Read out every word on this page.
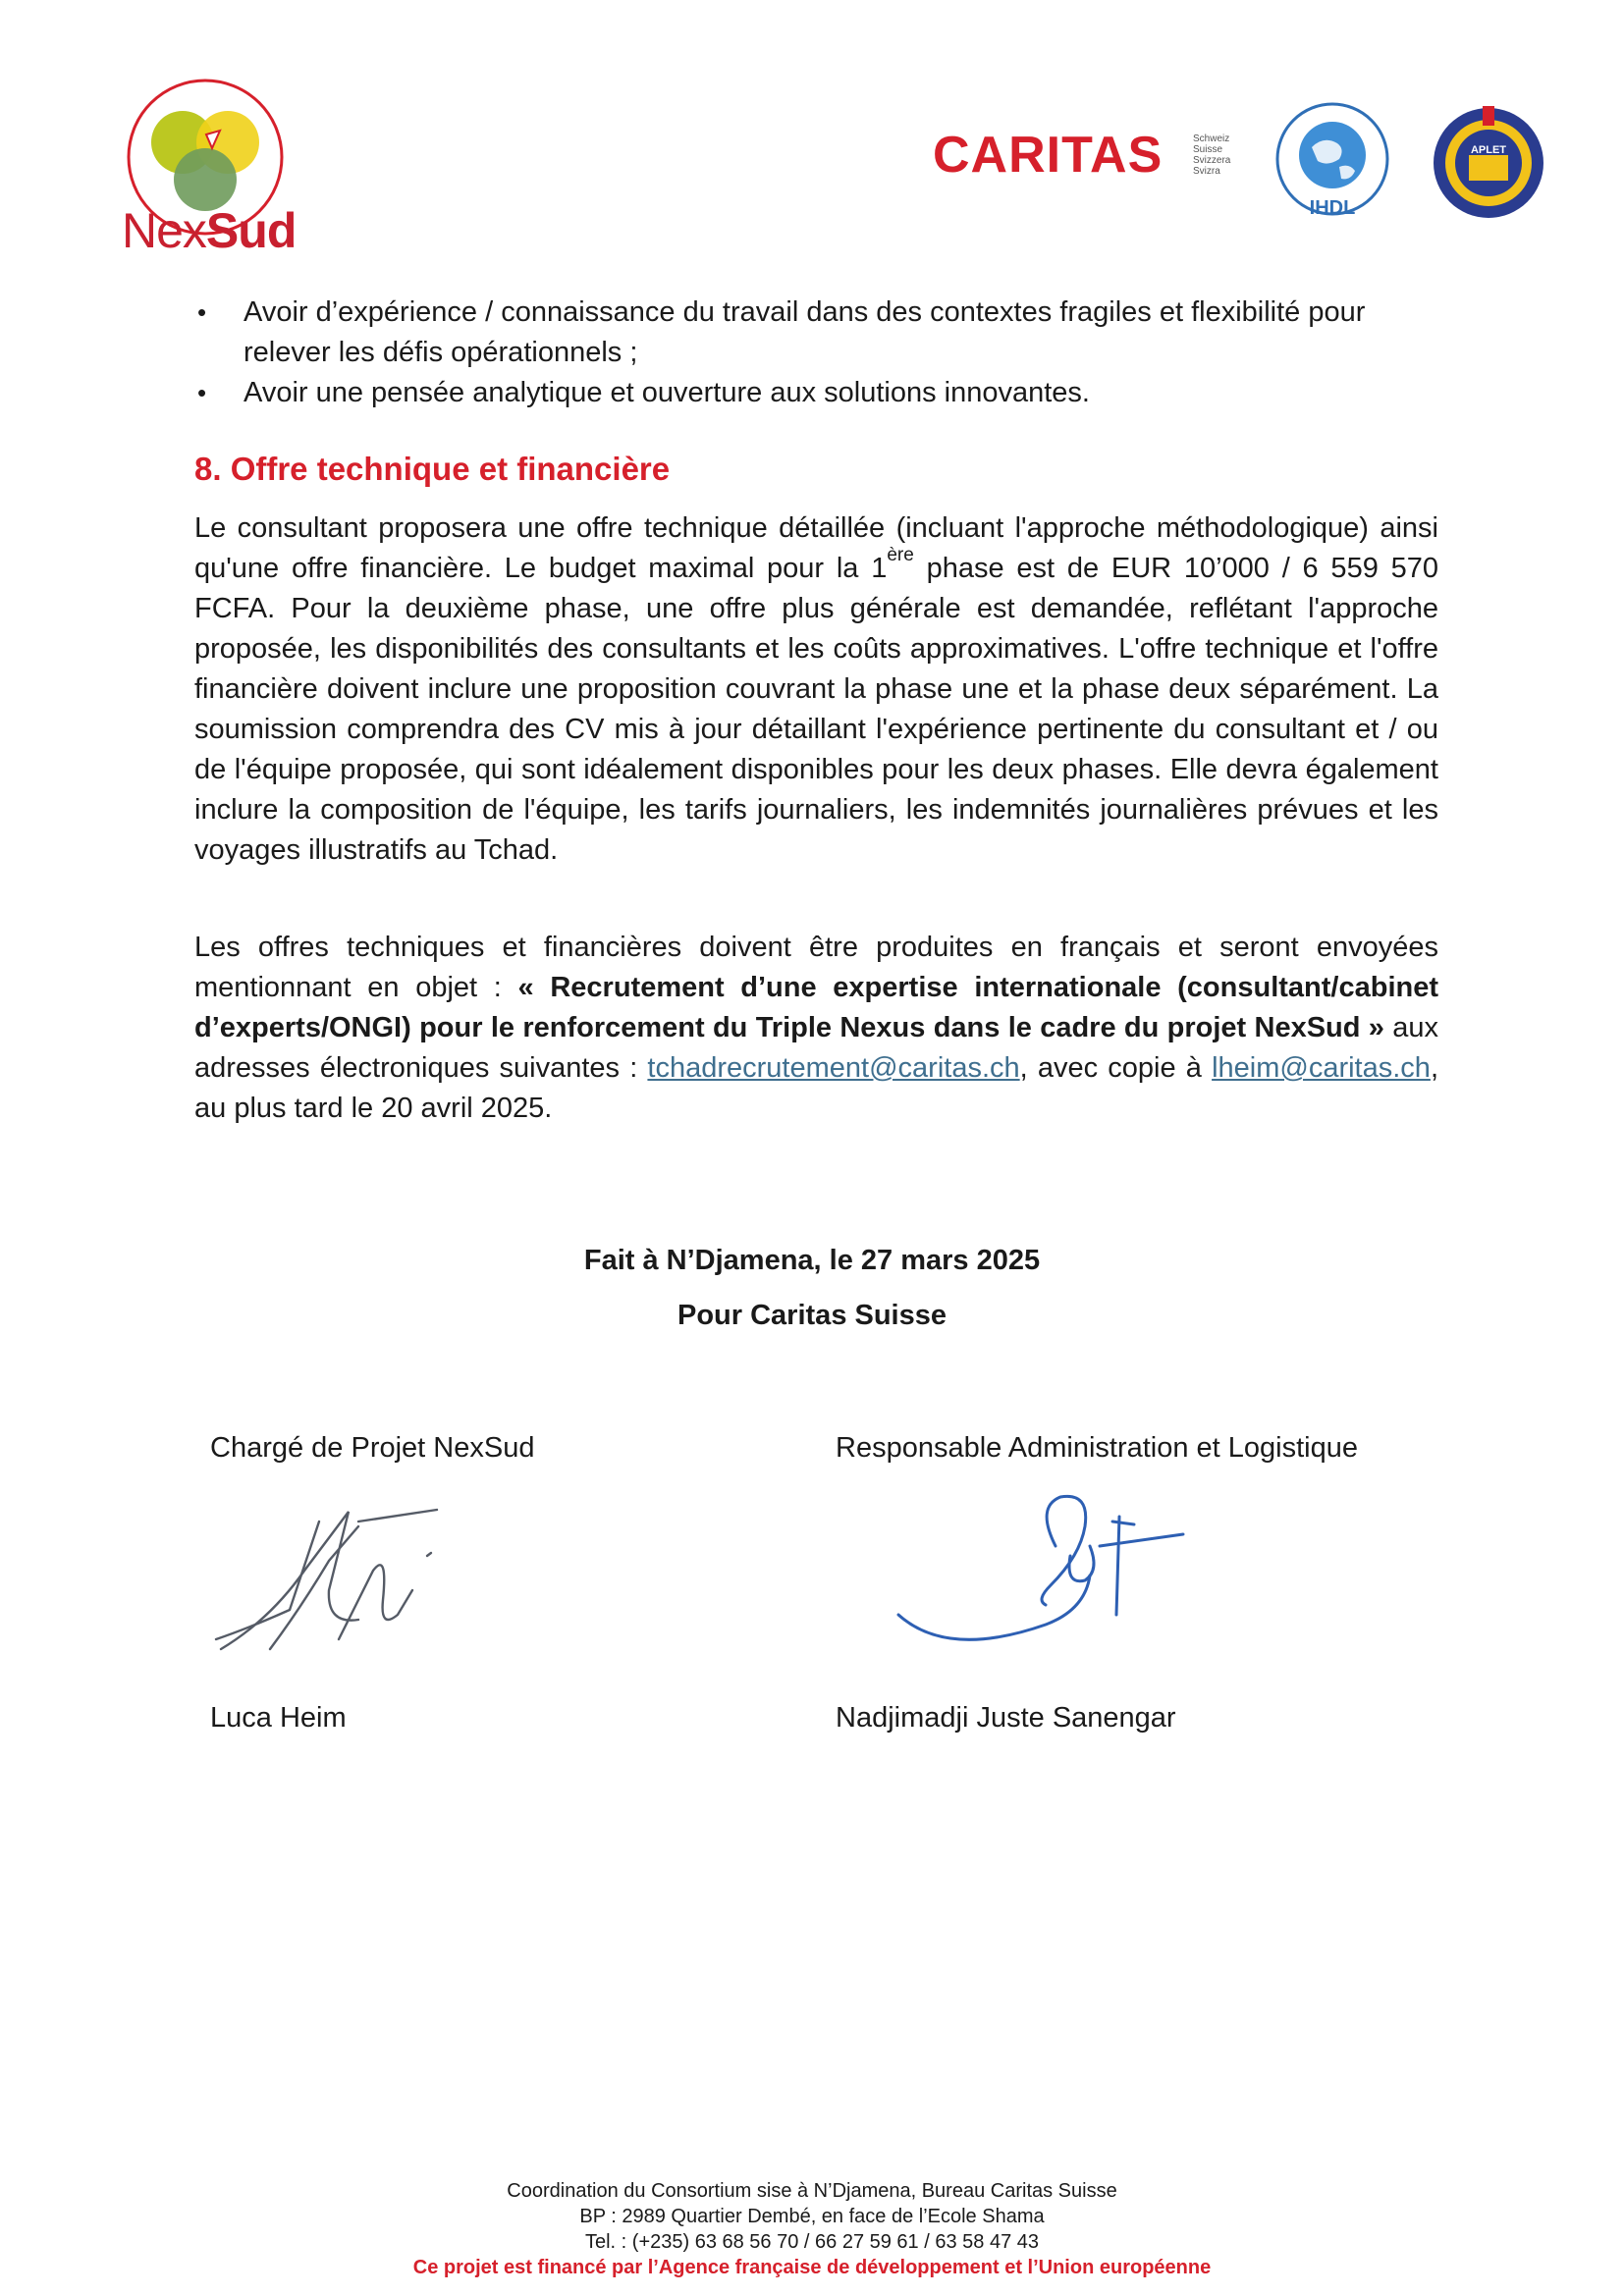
NexSud
CARITAS	Schweiz
Suisse
Svizzera
Svizra
IHDL
APLET
• Avoir d’expérience / connaissance du travail dans des contextes fragiles et flexibilité pour relever les défis opérationnels ;
• Avoir une pensée analytique et ouverture aux solutions innovantes.
8. Offre technique et financière

Le consultant proposera une offre technique détaillée (incluant l'approche méthodologique) ainsi qu'une offre financière. Le budget maximal pour la 1ère phase est de EUR 10’000 / 6 559 570 FCFA. Pour la deuxième phase, une offre plus générale est demandée, reflétant l'approche proposée, les disponibilités des consultants et les coûts approximatives. L'offre technique et l'offre financière doivent inclure une proposition couvrant la phase une et la phase deux séparément. La soumission comprendra des CV mis à jour détaillant l'expérience pertinente du consultant et / ou de l'équipe proposée, qui sont idéalement disponibles pour les deux phases. Elle devra également inclure la composition de l'équipe, les tarifs journaliers, les indemnités journalières prévues et les voyages illustratifs au Tchad.

Les offres techniques et financières doivent être produites en français et seront envoyées mentionnant en objet : « Recrutement d’une expertise internationale (consultant/cabinet d’experts/ONGI) pour le renforcement du Triple Nexus dans le cadre du projet NexSud » aux adresses électroniques suivantes : tchadrecrutement@caritas.ch, avec copie à lheim@caritas.ch, au plus tard le 20 avril 2025.

Fait à N’Djamena, le 27 mars 2025
Pour Caritas Suisse
Chargé de Projet NexSud	Responsable Administration et Logistique
Luca Heim	Nadjimadji Juste Sanengar
Coordination du Consortium sise à N’Djamena, Bureau Caritas Suisse
BP : 2989 Quartier Dembé, en face de l’Ecole Shama
Tel. : (+235) 63 68 56 70 / 66 27 59 61 / 63 58 47 43
Ce projet est financé par l’Agence française de développement et l’Union européenne
